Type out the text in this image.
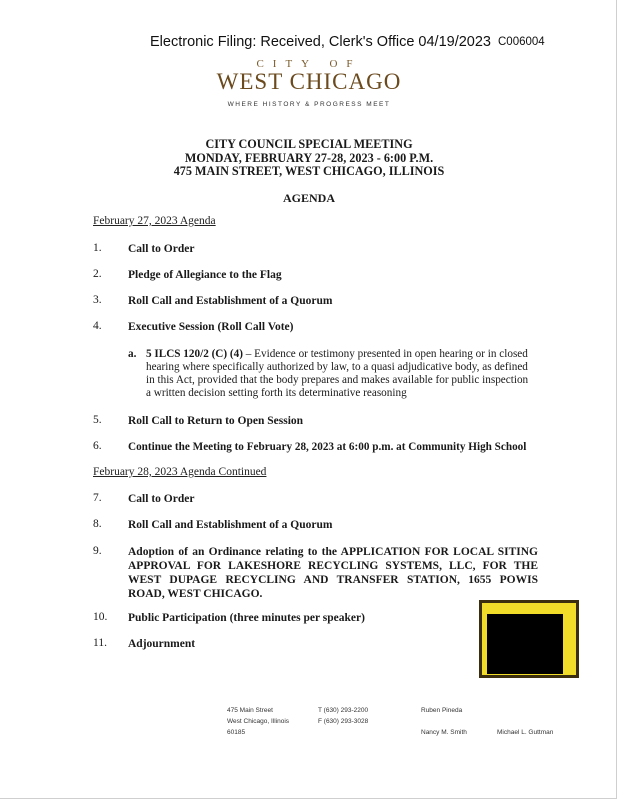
Electronic Filing: Received, Clerk's Office 04/19/2023 C006004
CITY OF
WEST CHICAGO
WHERE HISTORY & PROGRESS MEET
CITY COUNCIL SPECIAL MEETING
MONDAY, FEBRUARY 27-28, 2023 - 6:00 P.M.
475 MAIN STREET, WEST CHICAGO, ILLINOIS
AGENDA
February 27, 2023 Agenda
1.	Call to Order
2.	Pledge of Allegiance to the Flag
3.	Roll Call and Establishment of a Quorum
4.	Executive Session (Roll Call Vote)
a. 5 ILCS 120/2 (C) (4) – Evidence or testimony presented in open hearing or in closed hearing where specifically authorized by law, to a quasi adjudicative body, as defined in this Act, provided that the body prepares and makes available for public inspection a written decision setting forth its determinative reasoning
5.	Roll Call to Return to Open Session
6.	Continue the Meeting to February 28, 2023 at 6:00 p.m. at Community High School
February 28, 2023 Agenda Continued
7.	Call to Order
8.	Roll Call and Establishment of a Quorum
9.	Adoption of an Ordinance relating to the APPLICATION FOR LOCAL SITING APPROVAL FOR LAKESHORE RECYCLING SYSTEMS, LLC, FOR THE WEST DUPAGE RECYCLING AND TRANSFER STATION, 1655 POWIS ROAD, WEST CHICAGO.
10.	Public Participation (three minutes per speaker)
11.	Adjournment
475 Main Street
West Chicago, Illinois
60185
T (630) 293-2200
F (630) 293-3028
Ruben Pineda
Nancy M. Smith	Michael L. Guttman
